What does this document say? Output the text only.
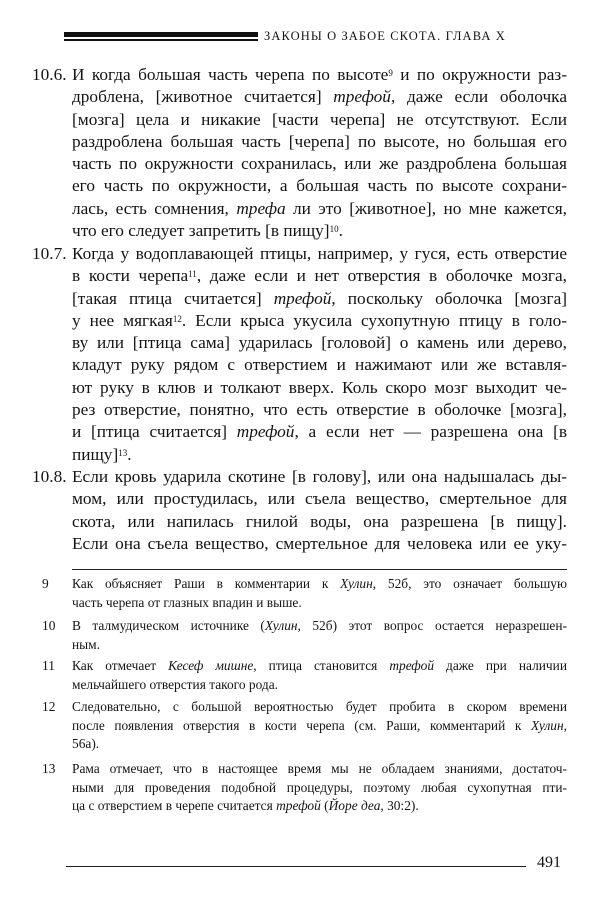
ЗАКОНЫ О ЗАБОЕ СКОТА. ГЛАВА X
10.6. И когда большая часть черепа по высоте$^9$ и по окружности раз-
дроблена, [животное считается] трефой, даже если оболочка
[мозга] цела и никакие [части черепа] не отсутствуют. Если
раздроблена большая часть [черепа] по высоте, но большая его
часть по окружности сохранилась, или же раздроблена большая
его часть по окружности, а большая часть по высоте сохрани-
лась, есть сомнения, трефа ли это [животное], но мне кажется,
что его следует запретить [в пищу]$^{10}$.
10.7. Когда у водоплавающей птицы, например, у гуся, есть отверстие
в кости черепа$^{11}$, даже если и нет отверстия в оболочке мозга,
[такая птица считается] трефой, поскольку оболочка [мозга]
у нее мягкая$^{12}$. Если крыса укусила сухопутную птицу в голо-
ву или [птица сама] ударилась [головой] о камень или дерево,
кладут руку рядом с отверстием и нажимают или же вставля-
ют руку в клюв и толкают вверх. Коль скоро мозг выходит че-
рез отверстие, понятно, что есть отверстие в оболочке [мозга],
и [птица считается] трефой, а если нет — разрешена она [в
пищу]$^{13}$.
10.8. Если кровь ударила скотине [в голову], или она надышалась ды-
мом, или простудилась, или съела вещество, смертельное для
скота, или напилась гнилой воды, она разрешена [в пищу].
Если она съела вещество, смертельное для человека или ее уку-
9	Как объясняет Раши в комментарии к Хулин, 52б, это означает большую
часть черепа от глазных впадин и выше.
10	В талмудическом источнике (Хулин, 52б) этот вопрос остается неразрешен-
ным.
11	Как отмечает Кесеф мишне, птица становится трефой даже при наличии
мельчайшего отверстия такого рода.
12	Следовательно, с большой вероятностью будет пробита в скором времени
после появления отверстия в кости черепа (см. Раши, комментарий к Хулин,
56а).
13	Рама отмечает, что в настоящее время мы не обладаем знаниями, достаточ-
ными для проведения подобной процедуры, поэтому любая сухопутная пти-
ца с отверстием в черепе считается трефой (Йоре деа, 30:2).
491
